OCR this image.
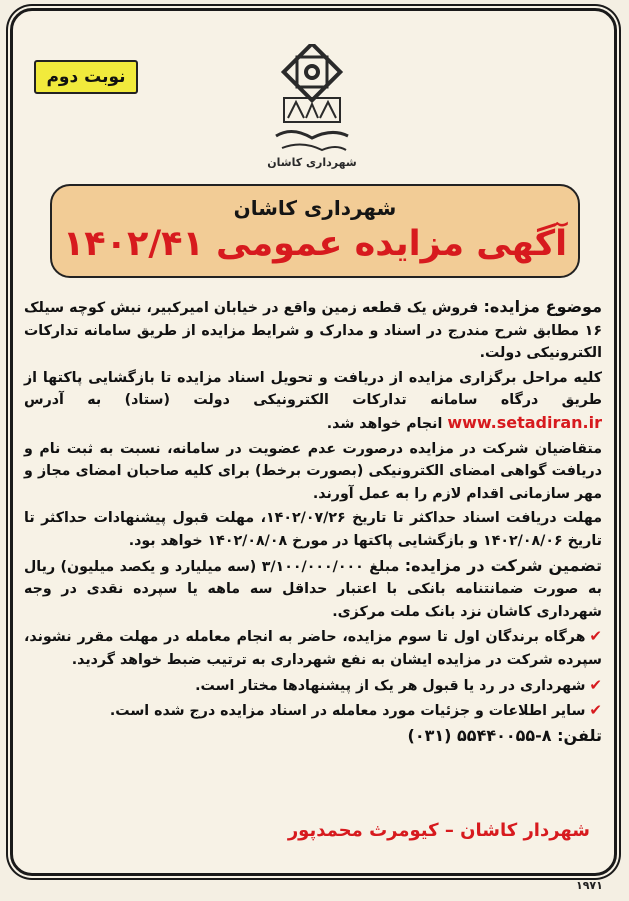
نوبت دوم
شهرداری کاشان
شهرداری کاشان
آگهی مزایده عمومی ۱۴۰۲/۴۱

موضوع مزایده: فروش یک قطعه زمین واقع در خیابان امیرکبیر، نبش کوچه سیلک ۱۶ مطابق شرح مندرج در اسناد و مدارک و شرایط مزایده از طریق سامانه تدارکات الکترونیکی دولت.

کلیه مراحل برگزاری مزایده از دریافت و تحویل اسناد مزایده تا بازگشایی پاکتها از طریق درگاه سامانه تدارکات الکترونیکی دولت (ستاد) به آدرس www.setadiran.ir انجام خواهد شد.

متقاضیان شرکت در مزایده درصورت عدم عضویت در سامانه، نسبت به ثبت نام و دریافت گواهی امضای الکترونیکی (بصورت برخط) برای کلیه صاحبان امضای مجاز و مهر سازمانی اقدام لازم را به عمل آورند.

مهلت دریافت اسناد حداکثر تا تاریخ ۱۴۰۲/۰۷/۲۶، مهلت قبول پیشنهادات حداکثر تا تاریخ ۱۴۰۲/۰۸/۰۶ و بازگشایی پاکتها در مورخ ۱۴۰۲/۰۸/۰۸ خواهد بود.

تضمین شرکت در مزایده: مبلغ ۳/۱۰۰/۰۰۰/۰۰۰ (سه میلیارد و یکصد میلیون) ریال به صورت ضمانتنامه بانکی با اعتبار حداقل سه ماهه یا سپرده نقدی در وجه شهرداری کاشان نزد بانک ملت مرکزی.

✔هرگاه برندگان اول تا سوم مزایده، حاضر به انجام معامله در مهلت مقرر نشوند، سپرده شرکت در مزایده ایشان به نفع شهرداری به ترتیب ضبط خواهد گردید.

✔شهرداری در رد یا قبول هر یک از پیشنهادها مختار است.

✔سایر اطلاعات و جزئیات مورد معامله در اسناد مزایده درج شده است.

تلفن: ۸-۵۵۴۴۰۰۵۵ (۰۳۱)

شهردار کاشان – کیومرث محمدپور
۱۹۷۱
